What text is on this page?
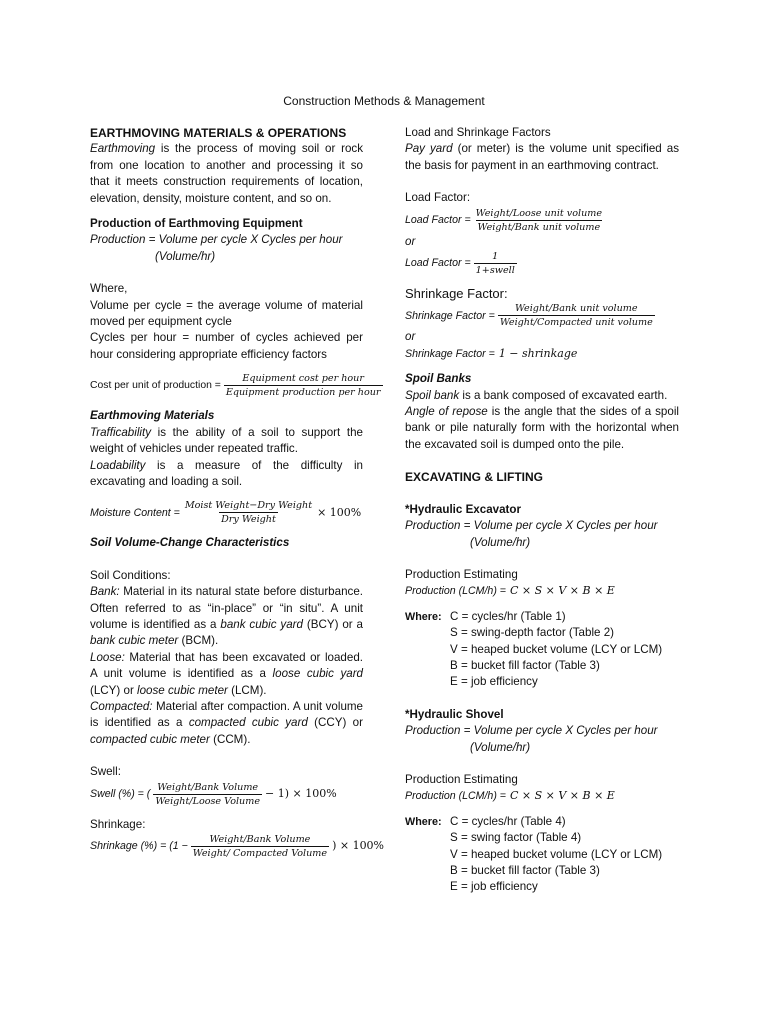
Construction Methods & Management

EARTHMOVING MATERIALS & OPERATIONS

Earthmoving is the process of moving soil or rock from one location to another and processing it so that it meets construction requirements of location, elevation, density, moisture content, and so on.

Production of Earthmoving Equipment

Production = Volume per cycle X Cycles per hour

(Volume/hr)

Where,

Volume per cycle = the average volume of material moved per equipment cycle

Cycles per hour = number of cycles achieved per hour considering appropriate efficiency factors

Cost per unit of production = $\frac{\text{Equipment cost per hour}}{\text{Equipment production per hour}}$

Earthmoving Materials

Trafficability is the ability of a soil to support the weight of vehicles under repeated traffic.

Loadability is a measure of the difficulty in excavating and loading a soil.

Moisture Content = $\frac{\text{Moist Weight−Dry Weight}}{\text{Dry Weight}} \times 100\%$

Soil Volume-Change Characteristics

Soil Conditions:

Bank: Material in its natural state before disturbance. Often referred to as “in-place” or “in situ”. A unit volume is identified as a bank cubic yard (BCY) or a bank cubic meter (BCM).

Loose: Material that has been excavated or loaded. A unit volume is identified as a loose cubic yard (LCY) or loose cubic meter (LCM).

Compacted: Material after compaction. A unit volume is identified as a compacted cubic yard (CCY) or compacted cubic meter (CCM).

Swell:

Swell (%) = ( $\frac{\text{Weight/Bank Volume}}{\text{Weight/Loose Volume}} - 1) \times 100\%$

Shrinkage:

Shrinkage (%) = ($1 - \frac{\text{Weight/Bank Volume}}{\text{Weight/ Compacted Volume}}$ ) × 100%

Load and Shrinkage Factors

Pay yard (or meter) is the volume unit specified as the basis for payment in an earthmoving contract.

Load Factor:

Load Factor = $\frac{\text{Weight/Loose unit volume}}{\text{Weight/Bank unit volume}}$

or

Load Factor = $\frac{1}{\text{1+swell}}$

Shrinkage Factor:

Shrinkage Factor = $\frac{\text{Weight/Bank unit volume}}{\text{Weight/Compacted unit volume}}$

or

Shrinkage Factor = 1 − shrinkage

Spoil Banks

Spoil bank is a bank composed of excavated earth.

Angle of repose is the angle that the sides of a spoil bank or pile naturally form with the horizontal when the excavated soil is dumped onto the pile.

EXCAVATING & LIFTING

*Hydraulic Excavator

Production = Volume per cycle X Cycles per hour

(Volume/hr)

Production Estimating

Production (LCM/h) = C × S × V × B × E
Where: C = cycles/hr (Table 1)

S = swing-depth factor (Table 2)

V = heaped bucket volume (LCY or LCM)

B = bucket fill factor (Table 3)

E = job efficiency

*Hydraulic Shovel

Production = Volume per cycle X Cycles per hour

(Volume/hr)

Production Estimating

Production (LCM/h) = C × S × V × B × E
Where: C = cycles/hr (Table 4)

S = swing factor (Table 4)

V = heaped bucket volume (LCY or LCM)

B = bucket fill factor (Table 3)

E = job efficiency
